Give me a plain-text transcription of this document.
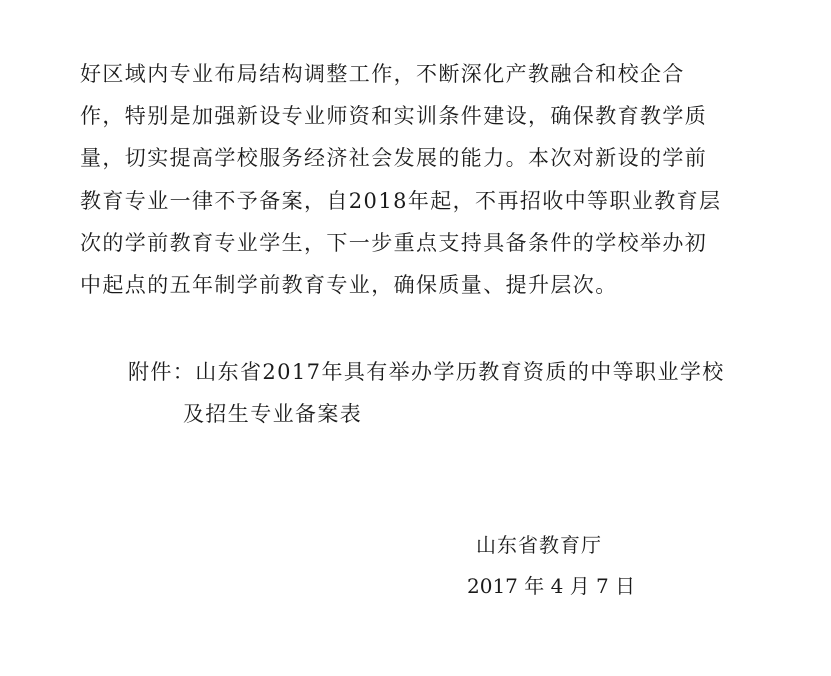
好区域内专业布局结构调整工作，不断深化产教融合和校企合
作，特别是加强新设专业师资和实训条件建设，确保教育教学质
量，切实提高学校服务经济社会发展的能力。本次对新设的学前
教育专业一律不予备案，自2018年起，不再招收中等职业教育层
次的学前教育专业学生，下一步重点支持具备条件的学校举办初
中起点的五年制学前教育专业，确保质量、提升层次。
附件：山东省2017年具有举办学历教育资质的中等职业学校
及招生专业备案表
山东省教育厅
2017 年 4 月 7 日
